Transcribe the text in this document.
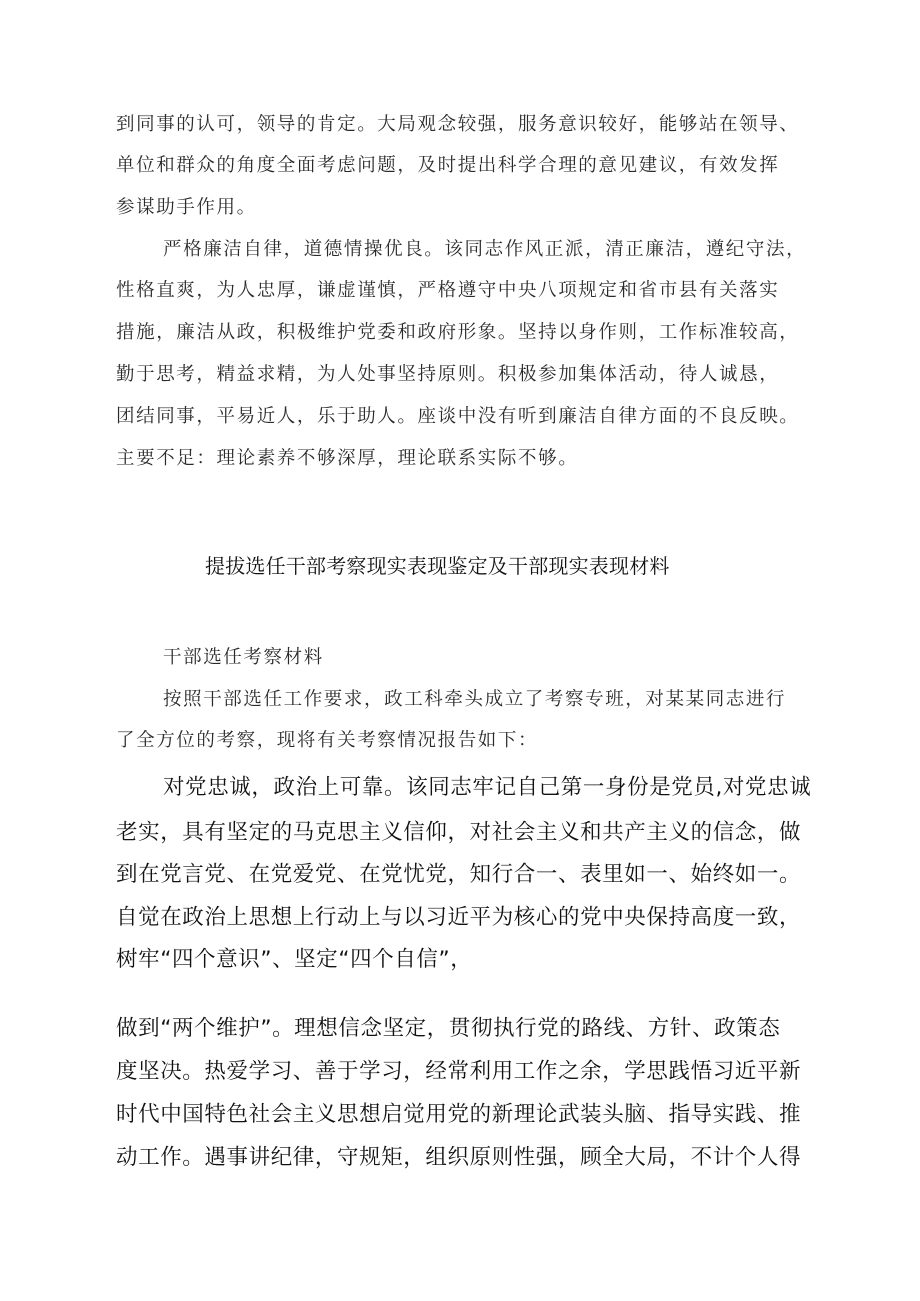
到同事的认可，领导的肯定。大局观念较强，服务意识较好，能够站在领导、
单位和群众的角度全面考虑问题，及时提出科学合理的意见建议，有效发挥
参谋助手作用。
严格廉洁自律，道德情操优良。该同志作风正派，清正廉洁，遵纪守法，
性格直爽，为人忠厚，谦虚谨慎，严格遵守中央八项规定和省市县有关落实
措施，廉洁从政，积极维护党委和政府形象。坚持以身作则，工作标准较高，
勤于思考，精益求精，为人处事坚持原则。积极参加集体活动，待人诚恳，
团结同事，平易近人，乐于助人。座谈中没有听到廉洁自律方面的不良反映。
主要不足：理论素养不够深厚，理论联系实际不够。
提拔选任干部考察现实表现鉴定及干部现实表现材料
干部选任考察材料
按照干部选任工作要求，政工科牵头成立了考察专班，对某某同志进行
了全方位的考察，现将有关考察情况报告如下：
对党忠诚，政治上可靠。该同志牢记自己第一身份是党员,对党忠诚
老实，具有坚定的马克思主义信仰，对社会主义和共产主义的信念，做
到在党言党、在党爱党、在党忧党，知行合一、表里如一、始终如一。
自觉在政治上思想上行动上与以习近平为核心的党中央保持高度一致，
树牢“四个意识”、坚定“四个自信”，
做到“两个维护”。理想信念坚定，贯彻执行党的路线、方针、政策态
度坚决。热爱学习、善于学习，经常利用工作之余，学思践悟习近平新
时代中国特色社会主义思想启觉用党的新理论武装头脑、指导实践、推
动工作。遇事讲纪律，守规矩，组织原则性强，顾全大局，不计个人得
